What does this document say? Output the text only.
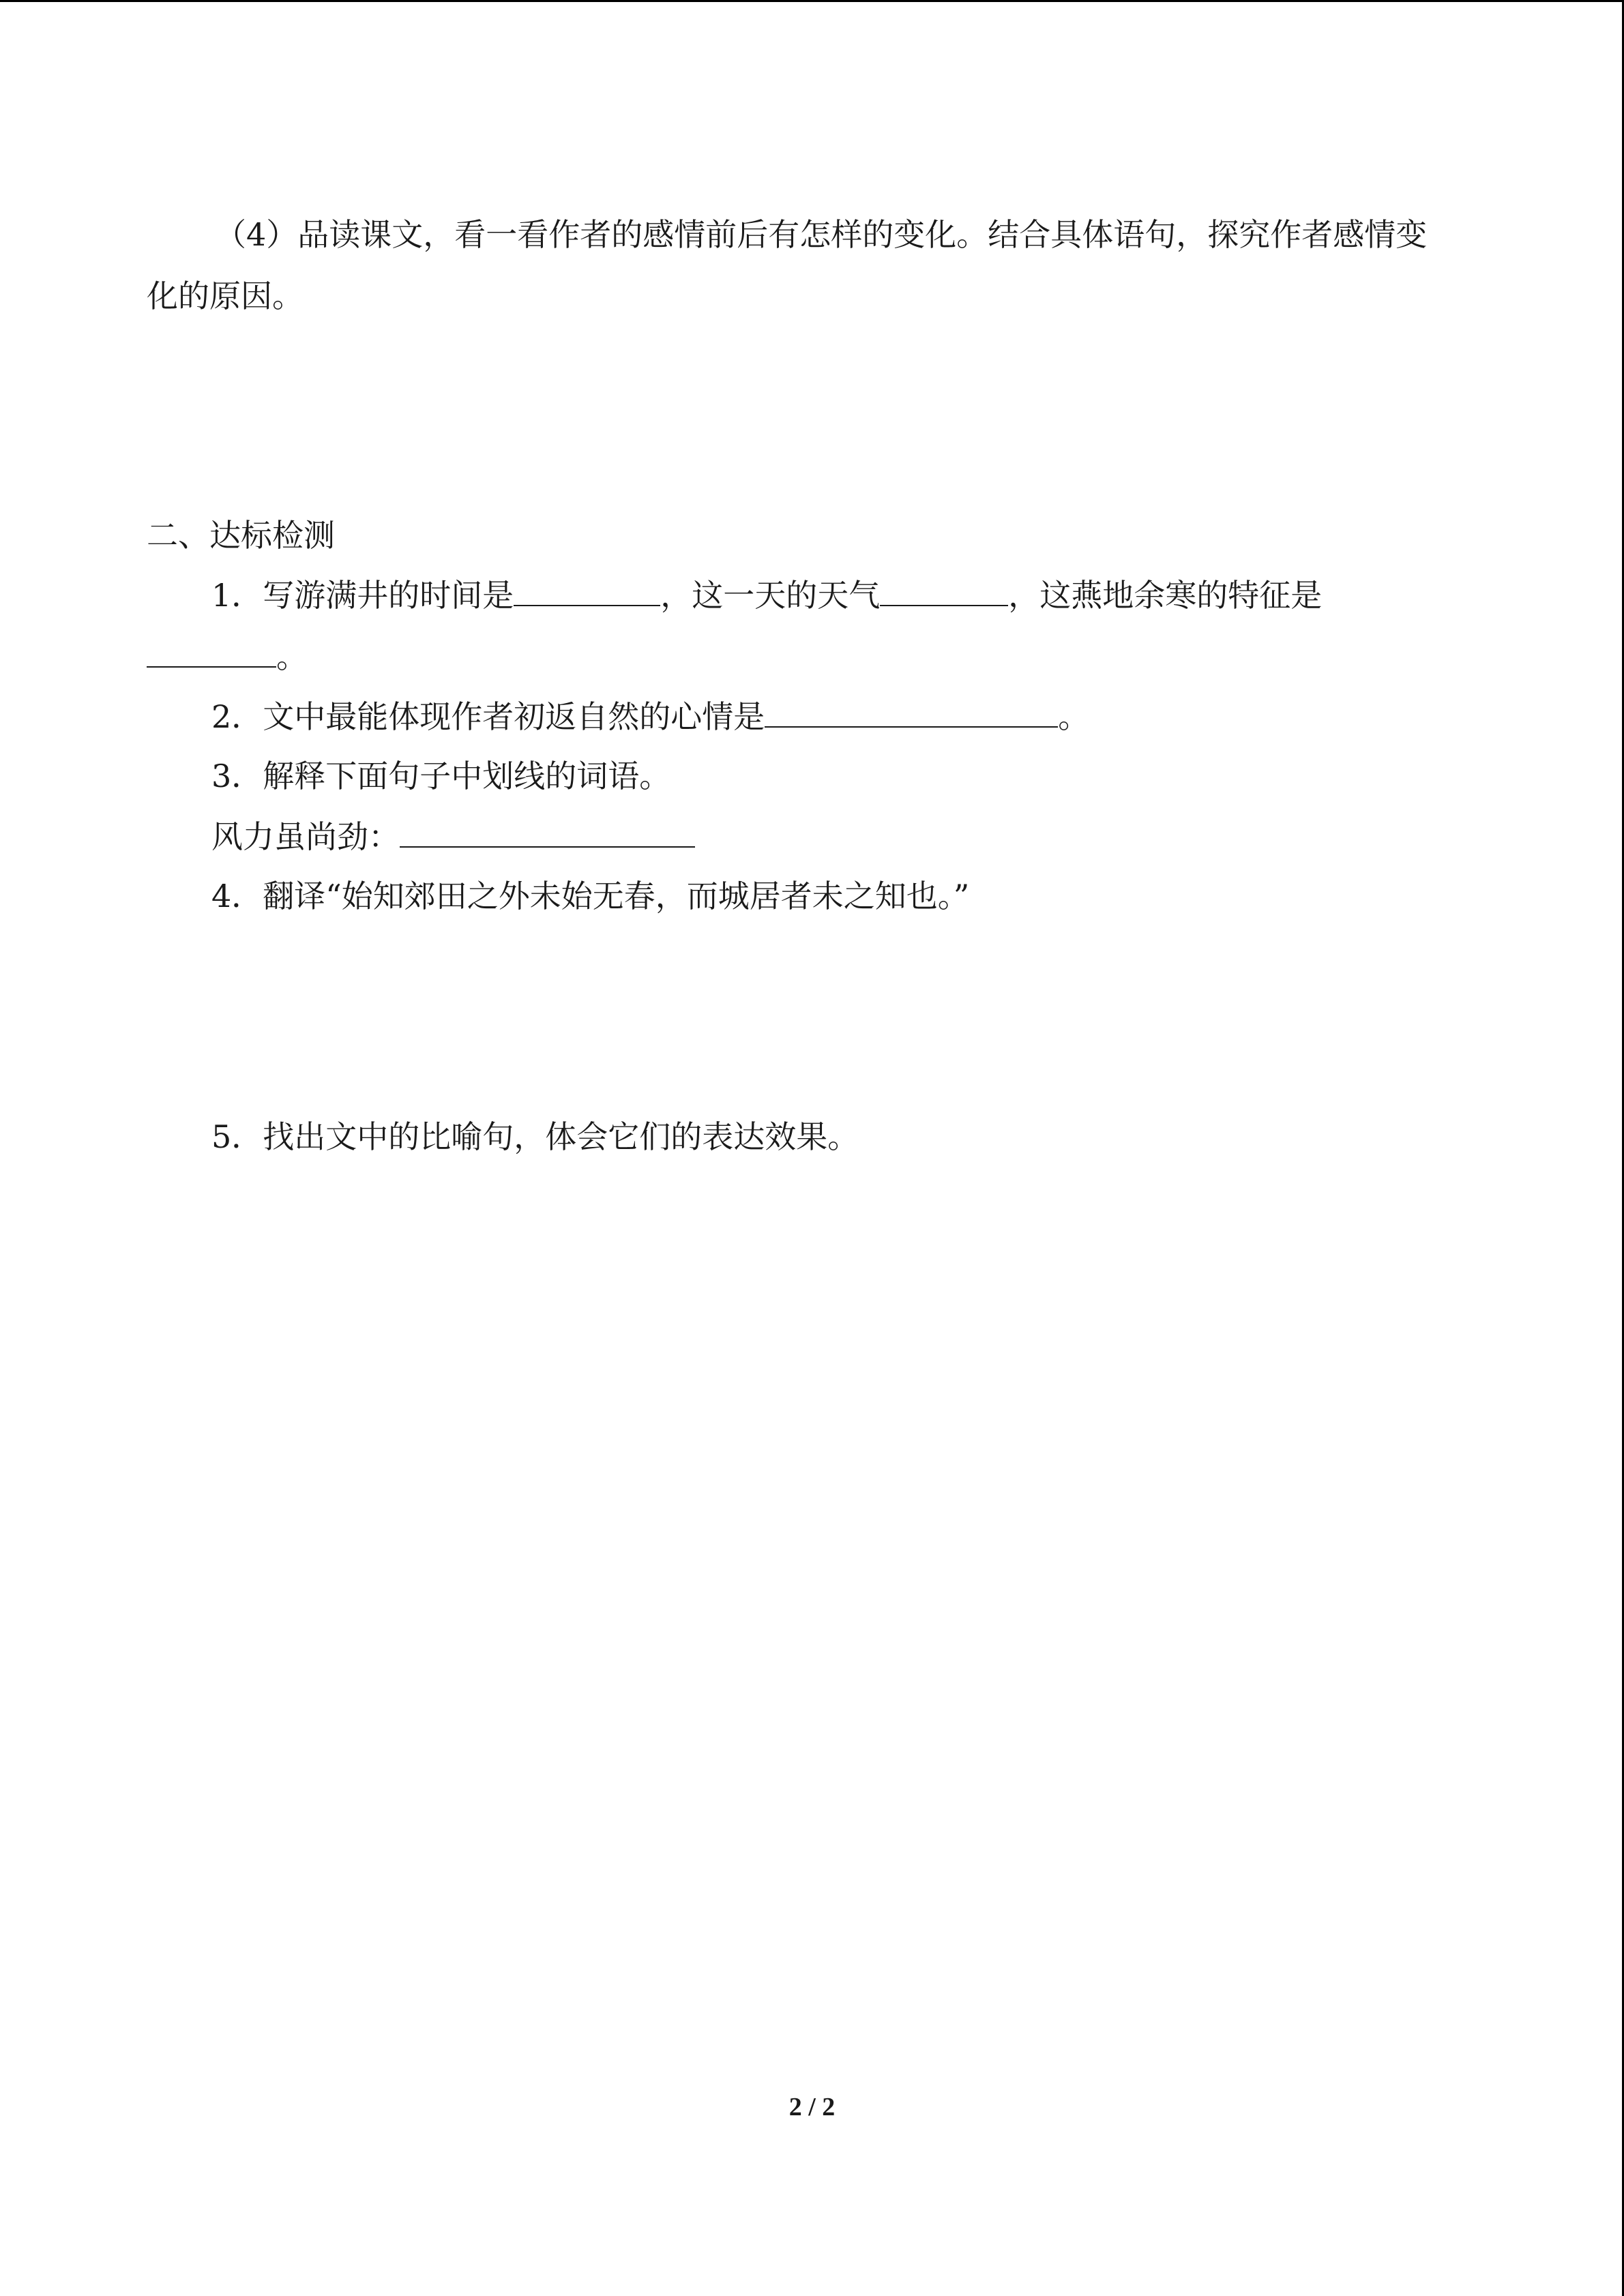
（4）品读课文，看一看作者的感情前后有怎样的变化。结合具体语句，探究作者感情变
化的原因。
二、达标检测
1．写游满井的时间是	，这一天的天气	，这燕地余寒的特征是
。
2．文中最能体现作者初返自然的心情是	。
3．解释下面句子中划线的词语。
风力虽尚劲：
4．翻译“始知郊田之外未始无春，而城居者未之知也。”
5．找出文中的比喻句，体会它们的表达效果。
2 / 2
